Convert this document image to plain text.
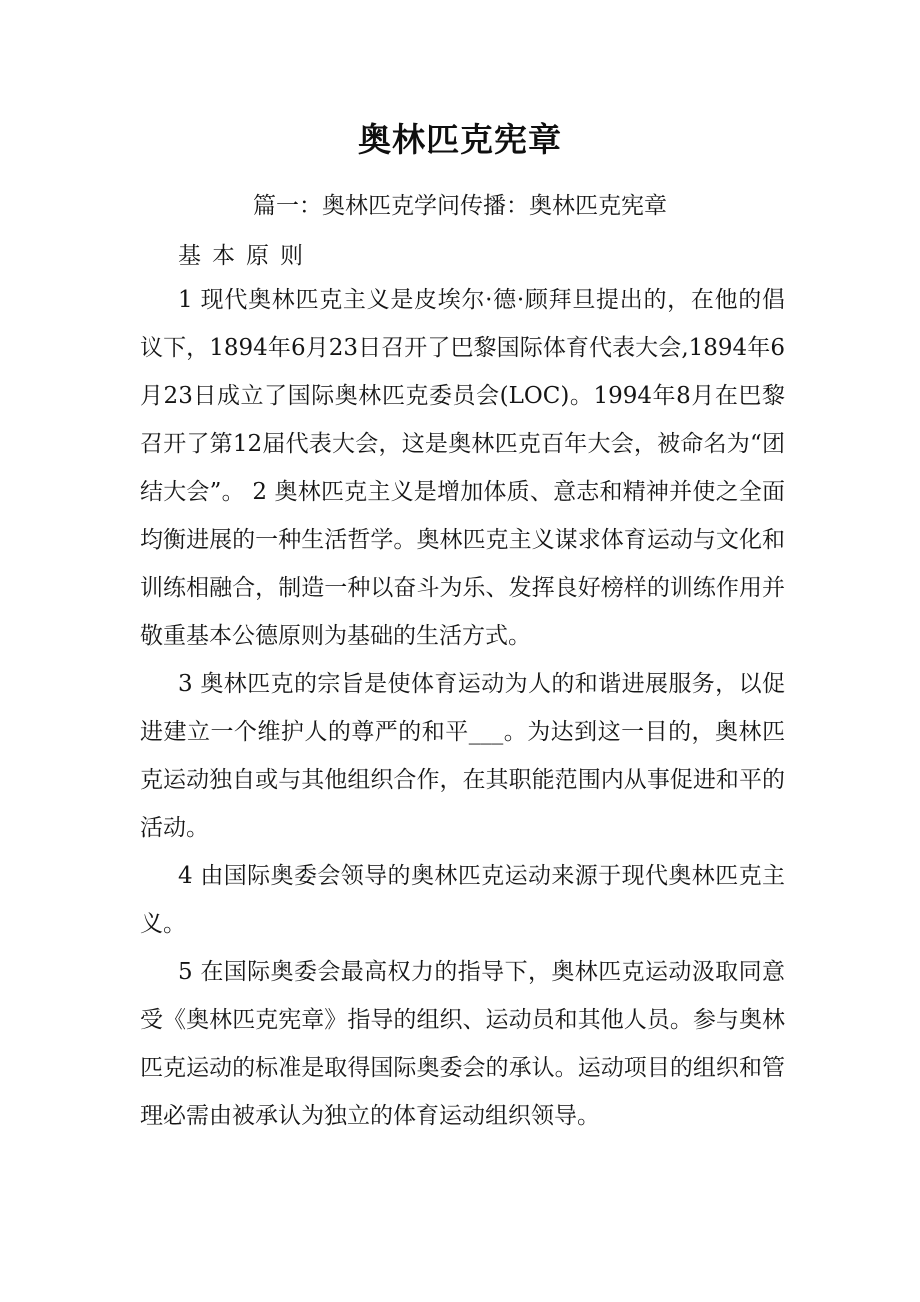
奥林匹克宪章
篇一：奥林匹克学问传播：奥林匹克宪章
基本原则

1 现代奥林匹克主义是皮埃尔·德·顾拜旦提出的，在他的倡议下，1894年6月23日召开了巴黎国际体育代表大会,1894年6月23日成立了国际奥林匹克委员会(LOC)。1994年8月在巴黎召开了第12届代表大会，这是奥林匹克百年大会，被命名为“团结大会”。 2 奥林匹克主义是增加体质、意志和精神并使之全面均衡进展的一种生活哲学。奥林匹克主义谋求体育运动与文化和训练相融合，制造一种以奋斗为乐、发挥良好榜样的训练作用并敬重基本公德原则为基础的生活方式。

3 奥林匹克的宗旨是使体育运动为人的和谐进展服务，以促进建立一个维护人的尊严的和平___。为达到这一目的，奥林匹克运动独自或与其他组织合作，在其职能范围内从事促进和平的活动。

4 由国际奥委会领导的奥林匹克运动来源于现代奥林匹克主义。

5 在国际奥委会最高权力的指导下，奥林匹克运动汲取同意受《奥林匹克宪章》指导的组织、运动员和其他人员。参与奥林匹克运动的标准是取得国际奥委会的承认。运动项目的组织和管理必需由被承认为独立的体育运动组织领导。
